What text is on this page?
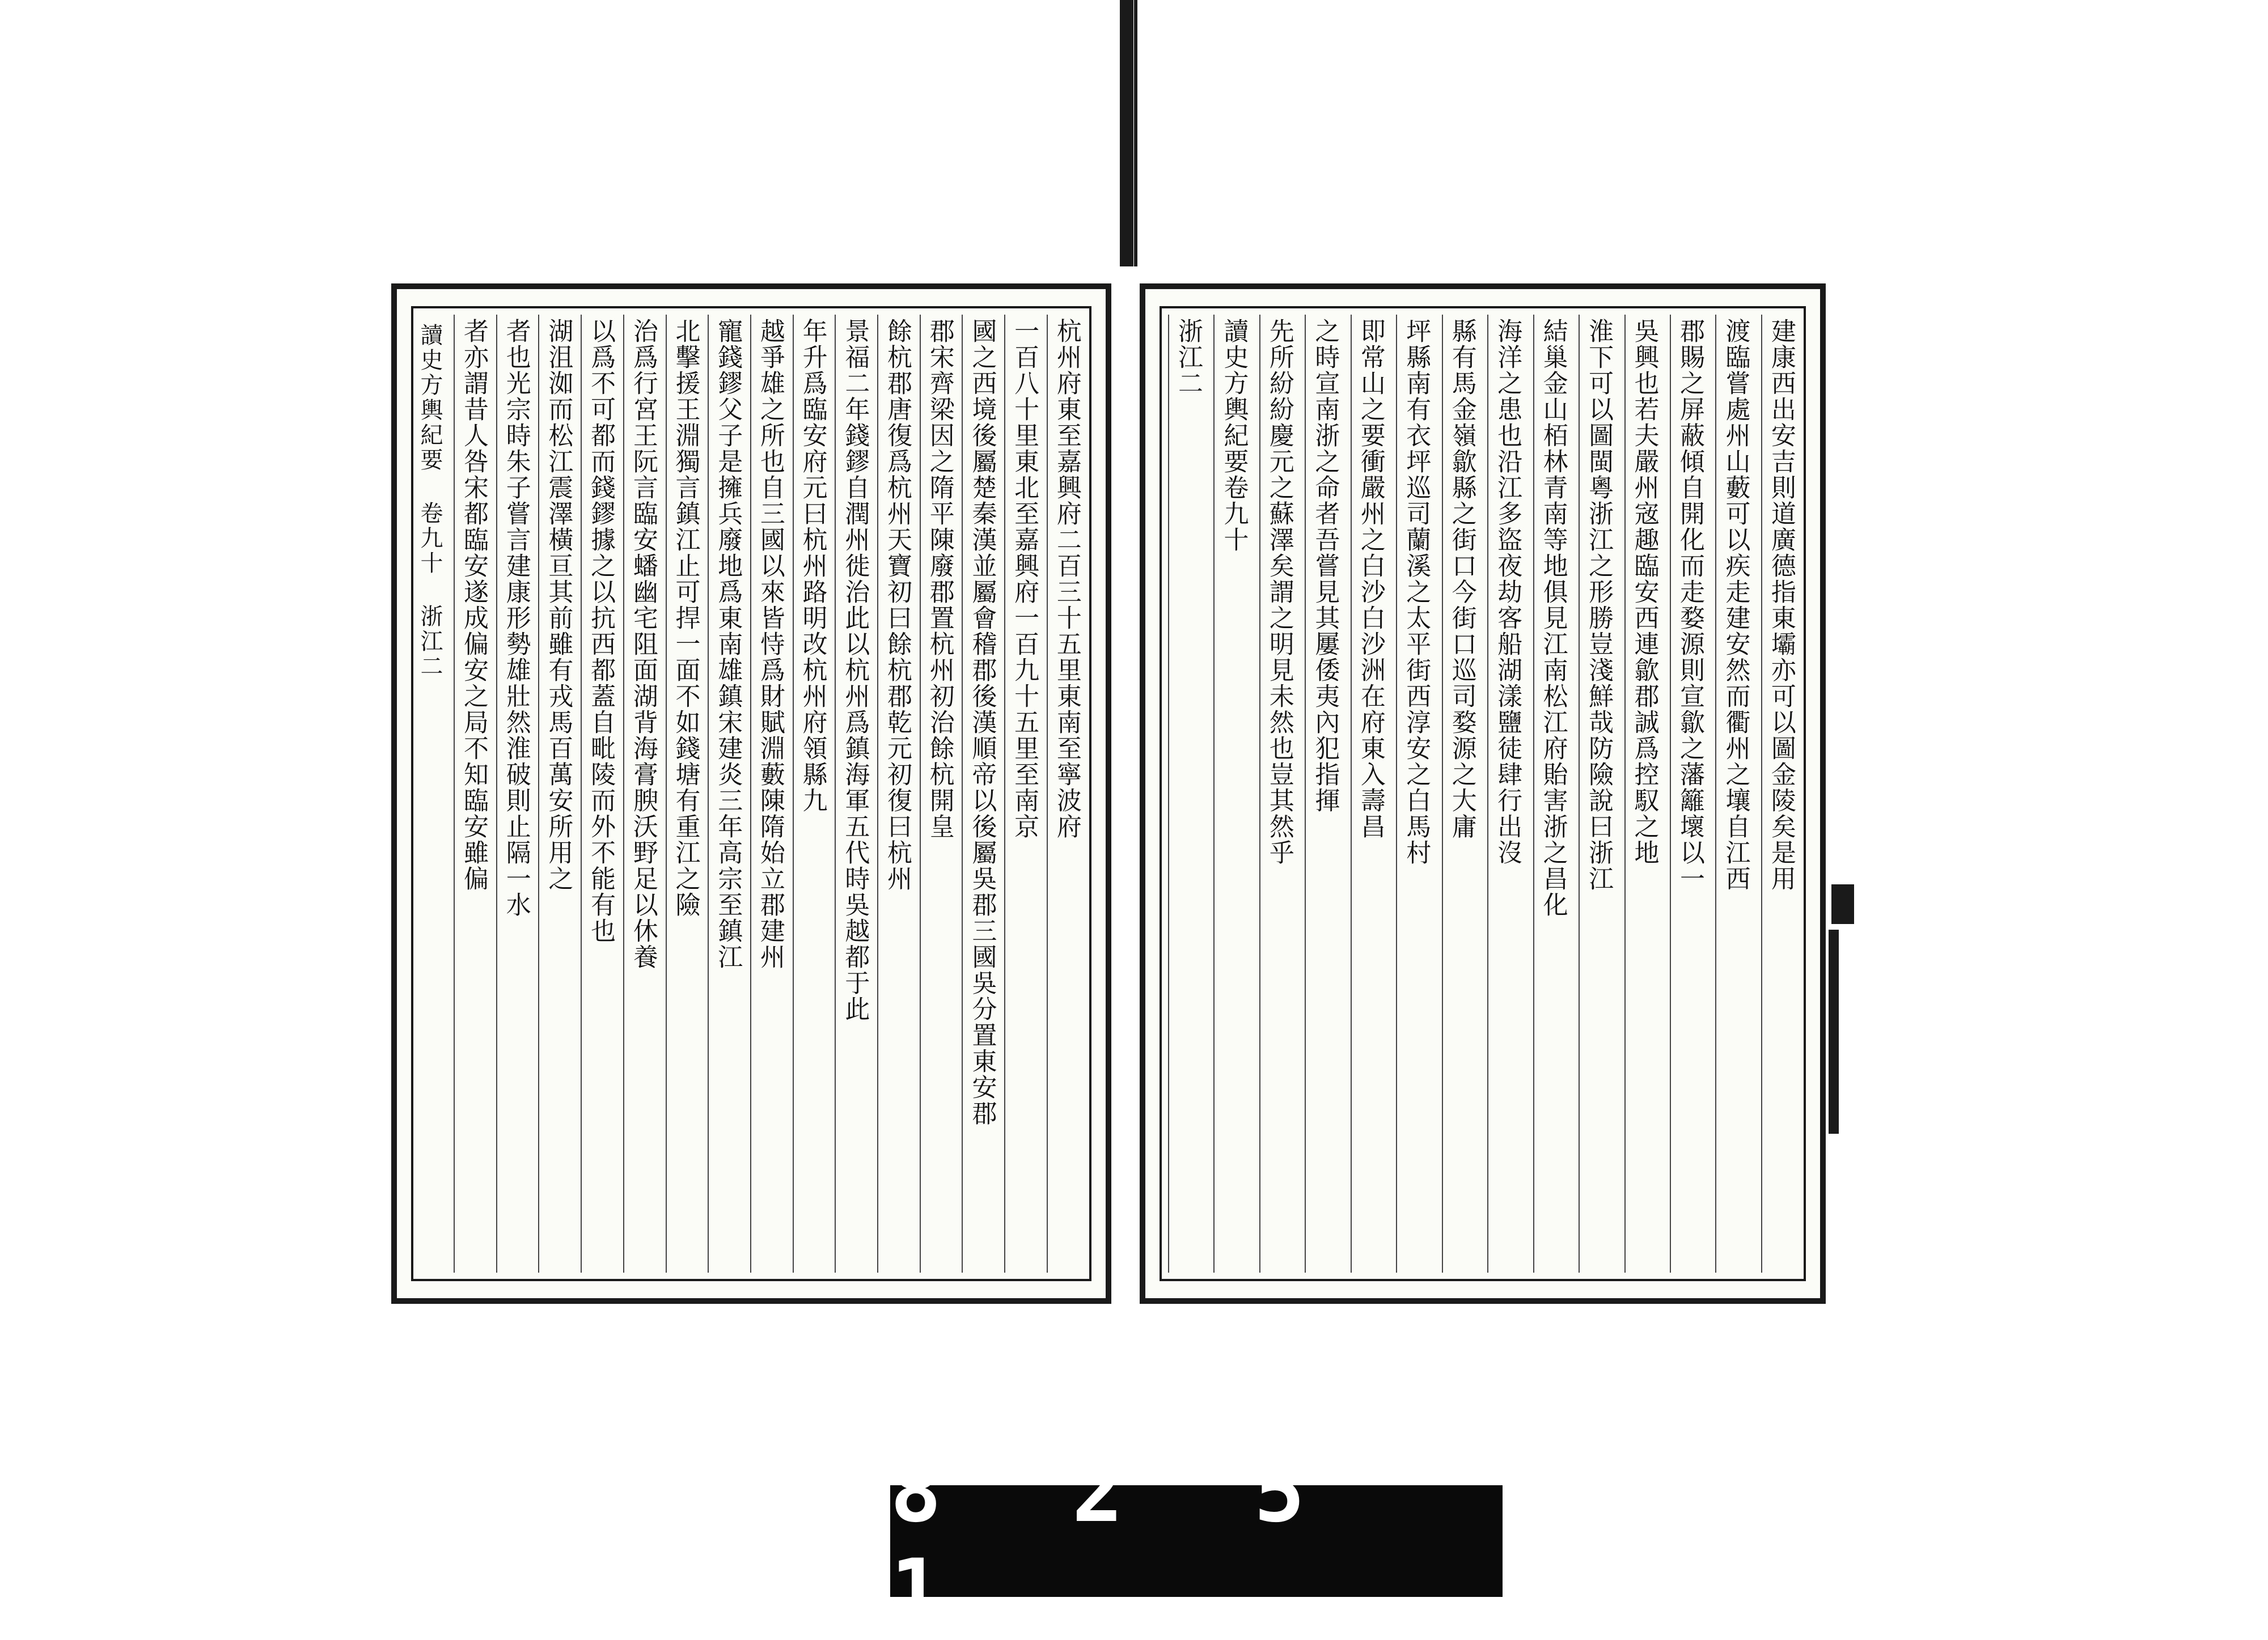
讀史方輿紀要 卷九十 浙江二	杭州府東至嘉興府二百三十五里東南至寧波府
一百八十里東北至嘉興府一百九十五里至南京
國之西境後屬楚秦漢並屬會稽郡後漢順帝以後屬吳郡三國吳分置東安郡
郡宋齊梁因之隋平陳廢郡置杭州初治餘杭開皇
餘杭郡唐復爲杭州天寶初曰餘杭郡乾元初復曰杭州
景福二年錢鏐自潤州徙治此以杭州爲鎮海軍五代時吳越都于此
年升爲臨安府元曰杭州路明改杭州府領縣九
越爭雄之所也自三國以來皆恃爲財賦淵藪陳隋始立郡建州
寵錢鏐父子是擁兵廢地爲東南雄鎮宋建炎三年高宗至鎮江
北擊援王淵獨言鎮江止可捍一面不如錢塘有重江之險
治爲行宮王阮言臨安蟠幽宅阻面湖背海膏腴沃野足以休養
以爲不可都而錢鏐據之以抗西都蓋自毗陵而外不能有也
湖沮洳而松江震澤橫亘其前雖有戎馬百萬安所用之
者也光宗時朱子嘗言建康形勢雄壯然淮破則止隔一水
者亦謂昔人咎宋都臨安遂成偏安之局不知臨安雖偏	建康西出安吉則道廣德指東壩亦可以圖金陵矣是用
渡臨嘗處州山藪可以疾走建安然而衢州之壤自江西
郡賜之屏蔽傾自開化而走婺源則宣歙之藩籬壞以一
吳興也若夫嚴州宼趣臨安西連歙郡誠爲控馭之地
淮下可以圖閩粵浙江之形勝豈淺鮮哉防險說曰浙江
結巢金山栢林青南等地俱見江南松江府貽害浙之昌化
海洋之患也沿江多盜夜劫客船湖漾鹽徒肆行出沒
縣有馬金嶺歙縣之街口今街口巡司婺源之大庸
坪縣南有衣坪巡司蘭溪之太平街西淳安之白馬村
即常山之要衝嚴州之白沙白沙洲在府東入壽昌
之時宣南浙之命者吾嘗見其屢倭夷內犯指揮
先所紛紛慶元之蘇澤矣謂之明見未然也豈其然乎
讀史方輿紀要卷九十
浙江二
8 2 5 1
